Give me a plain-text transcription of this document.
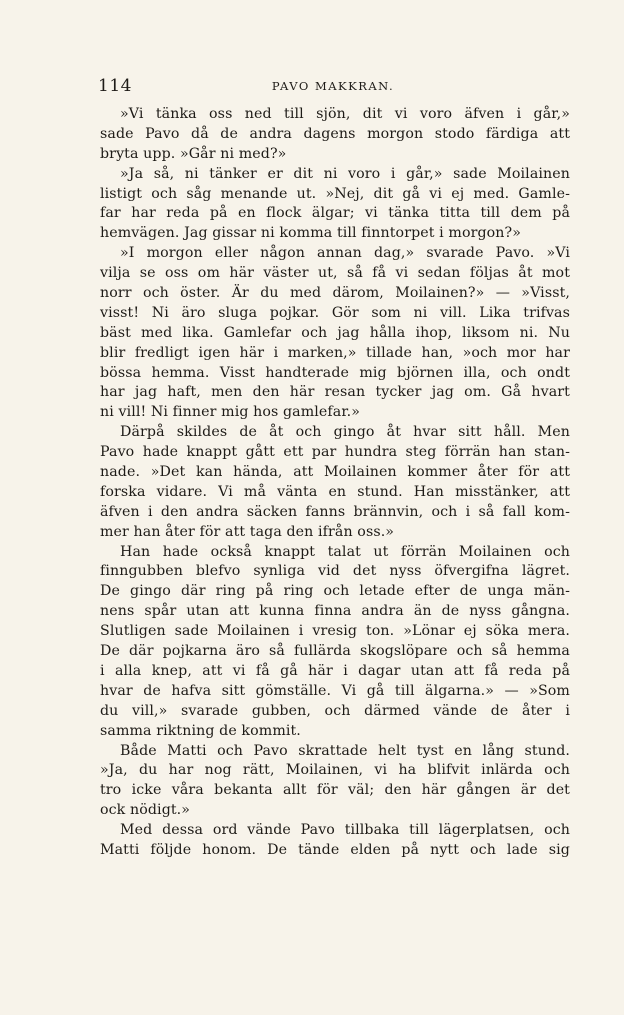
114	PAVO MAKKRAN.
»Vi tänka oss ned till sjön, dit vi voro äfven i går,»
sade Pavo då de andra dagens morgon stodo färdiga att
bryta upp. »Går ni med?»
»Ja så, ni tänker er dit ni voro i går,» sade Moilainen
listigt och såg menande ut. »Nej, dit gå vi ej med. Gamle-
far har reda på en flock älgar; vi tänka titta till dem på
hemvägen. Jag gissar ni komma till finntorpet i morgon?»
»I morgon eller någon annan dag,» svarade Pavo. »Vi
vilja se oss om här väster ut, så få vi sedan följas åt mot
norr och öster. Är du med därom, Moilainen?» — »Visst,
visst! Ni äro sluga pojkar. Gör som ni vill. Lika trifvas
bäst med lika. Gamlefar och jag hålla ihop, liksom ni. Nu
blir fredligt igen här i marken,» tillade han, »och mor har
bössa hemma. Visst handterade mig björnen illa, och ondt
har jag haft, men den här resan tycker jag om. Gå hvart
ni vill! Ni finner mig hos gamlefar.»
Därpå skildes de åt och gingo åt hvar sitt håll. Men
Pavo hade knappt gått ett par hundra steg förrän han stan-
nade. »Det kan hända, att Moilainen kommer åter för att
forska vidare. Vi må vänta en stund. Han misstänker, att
äfven i den andra säcken fanns brännvin, och i så fall kom-
mer han åter för att taga den ifrån oss.»
Han hade också knappt talat ut förrän Moilainen och
finngubben blefvo synliga vid det nyss öfvergifna lägret.
De gingo där ring på ring och letade efter de unga män-
nens spår utan att kunna finna andra än de nyss gångna.
Slutligen sade Moilainen i vresig ton. »Lönar ej söka mera.
De där pojkarna äro så fullärda skogslöpare och så hemma
i alla knep, att vi få gå här i dagar utan att få reda på
hvar de hafva sitt gömställe. Vi gå till älgarna.» — »Som
du vill,» svarade gubben, och därmed vände de åter i
samma riktning de kommit.
Både Matti och Pavo skrattade helt tyst en lång stund.
»Ja, du har nog rätt, Moilainen, vi ha blifvit inlärda och
tro icke våra bekanta allt för väl; den här gången är det
ock nödigt.»
Med dessa ord vände Pavo tillbaka till lägerplatsen, och
Matti följde honom. De tände elden på nytt och lade sig
